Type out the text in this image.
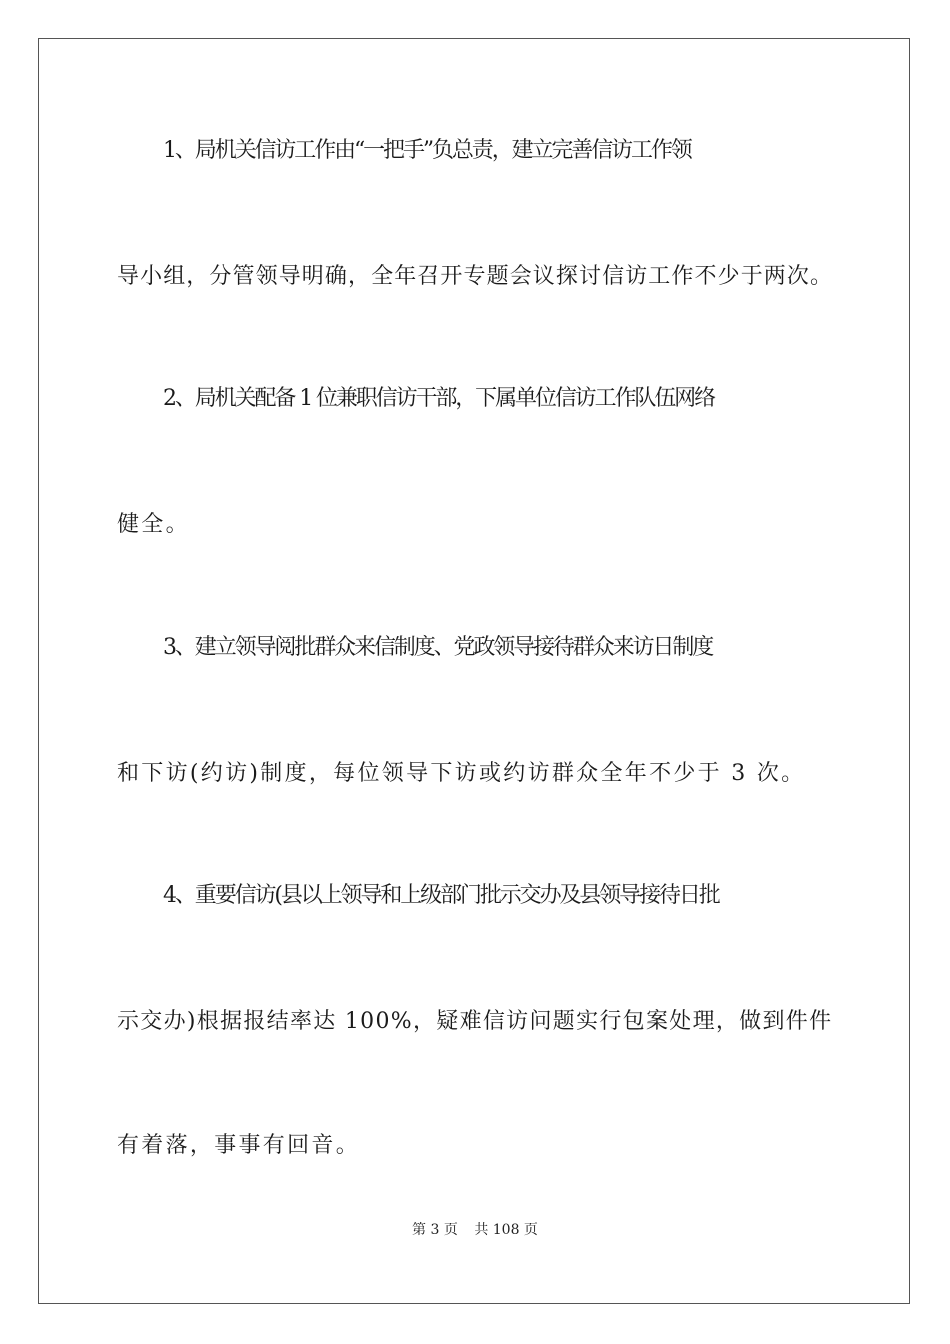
1、局机关信访工作由“一把手”负总责，建立完善信访工作领
导小组，分管领导明确，全年召开专题会议探讨信访工作不少于两次。
2、局机关配备 1 位兼职信访干部，下属单位信访工作队伍网络
健全。
3、建立领导阅批群众来信制度、党政领导接待群众来访日制度
和下访(约访)制度，每位领导下访或约访群众全年不少于 3 次。
4、重要信访(县以上领导和上级部门批示交办及县领导接待日批
示交办)根据报结率达 100%，疑难信访问题实行包案处理，做到件件
有着落，事事有回音。
第 3 页 共 108 页
